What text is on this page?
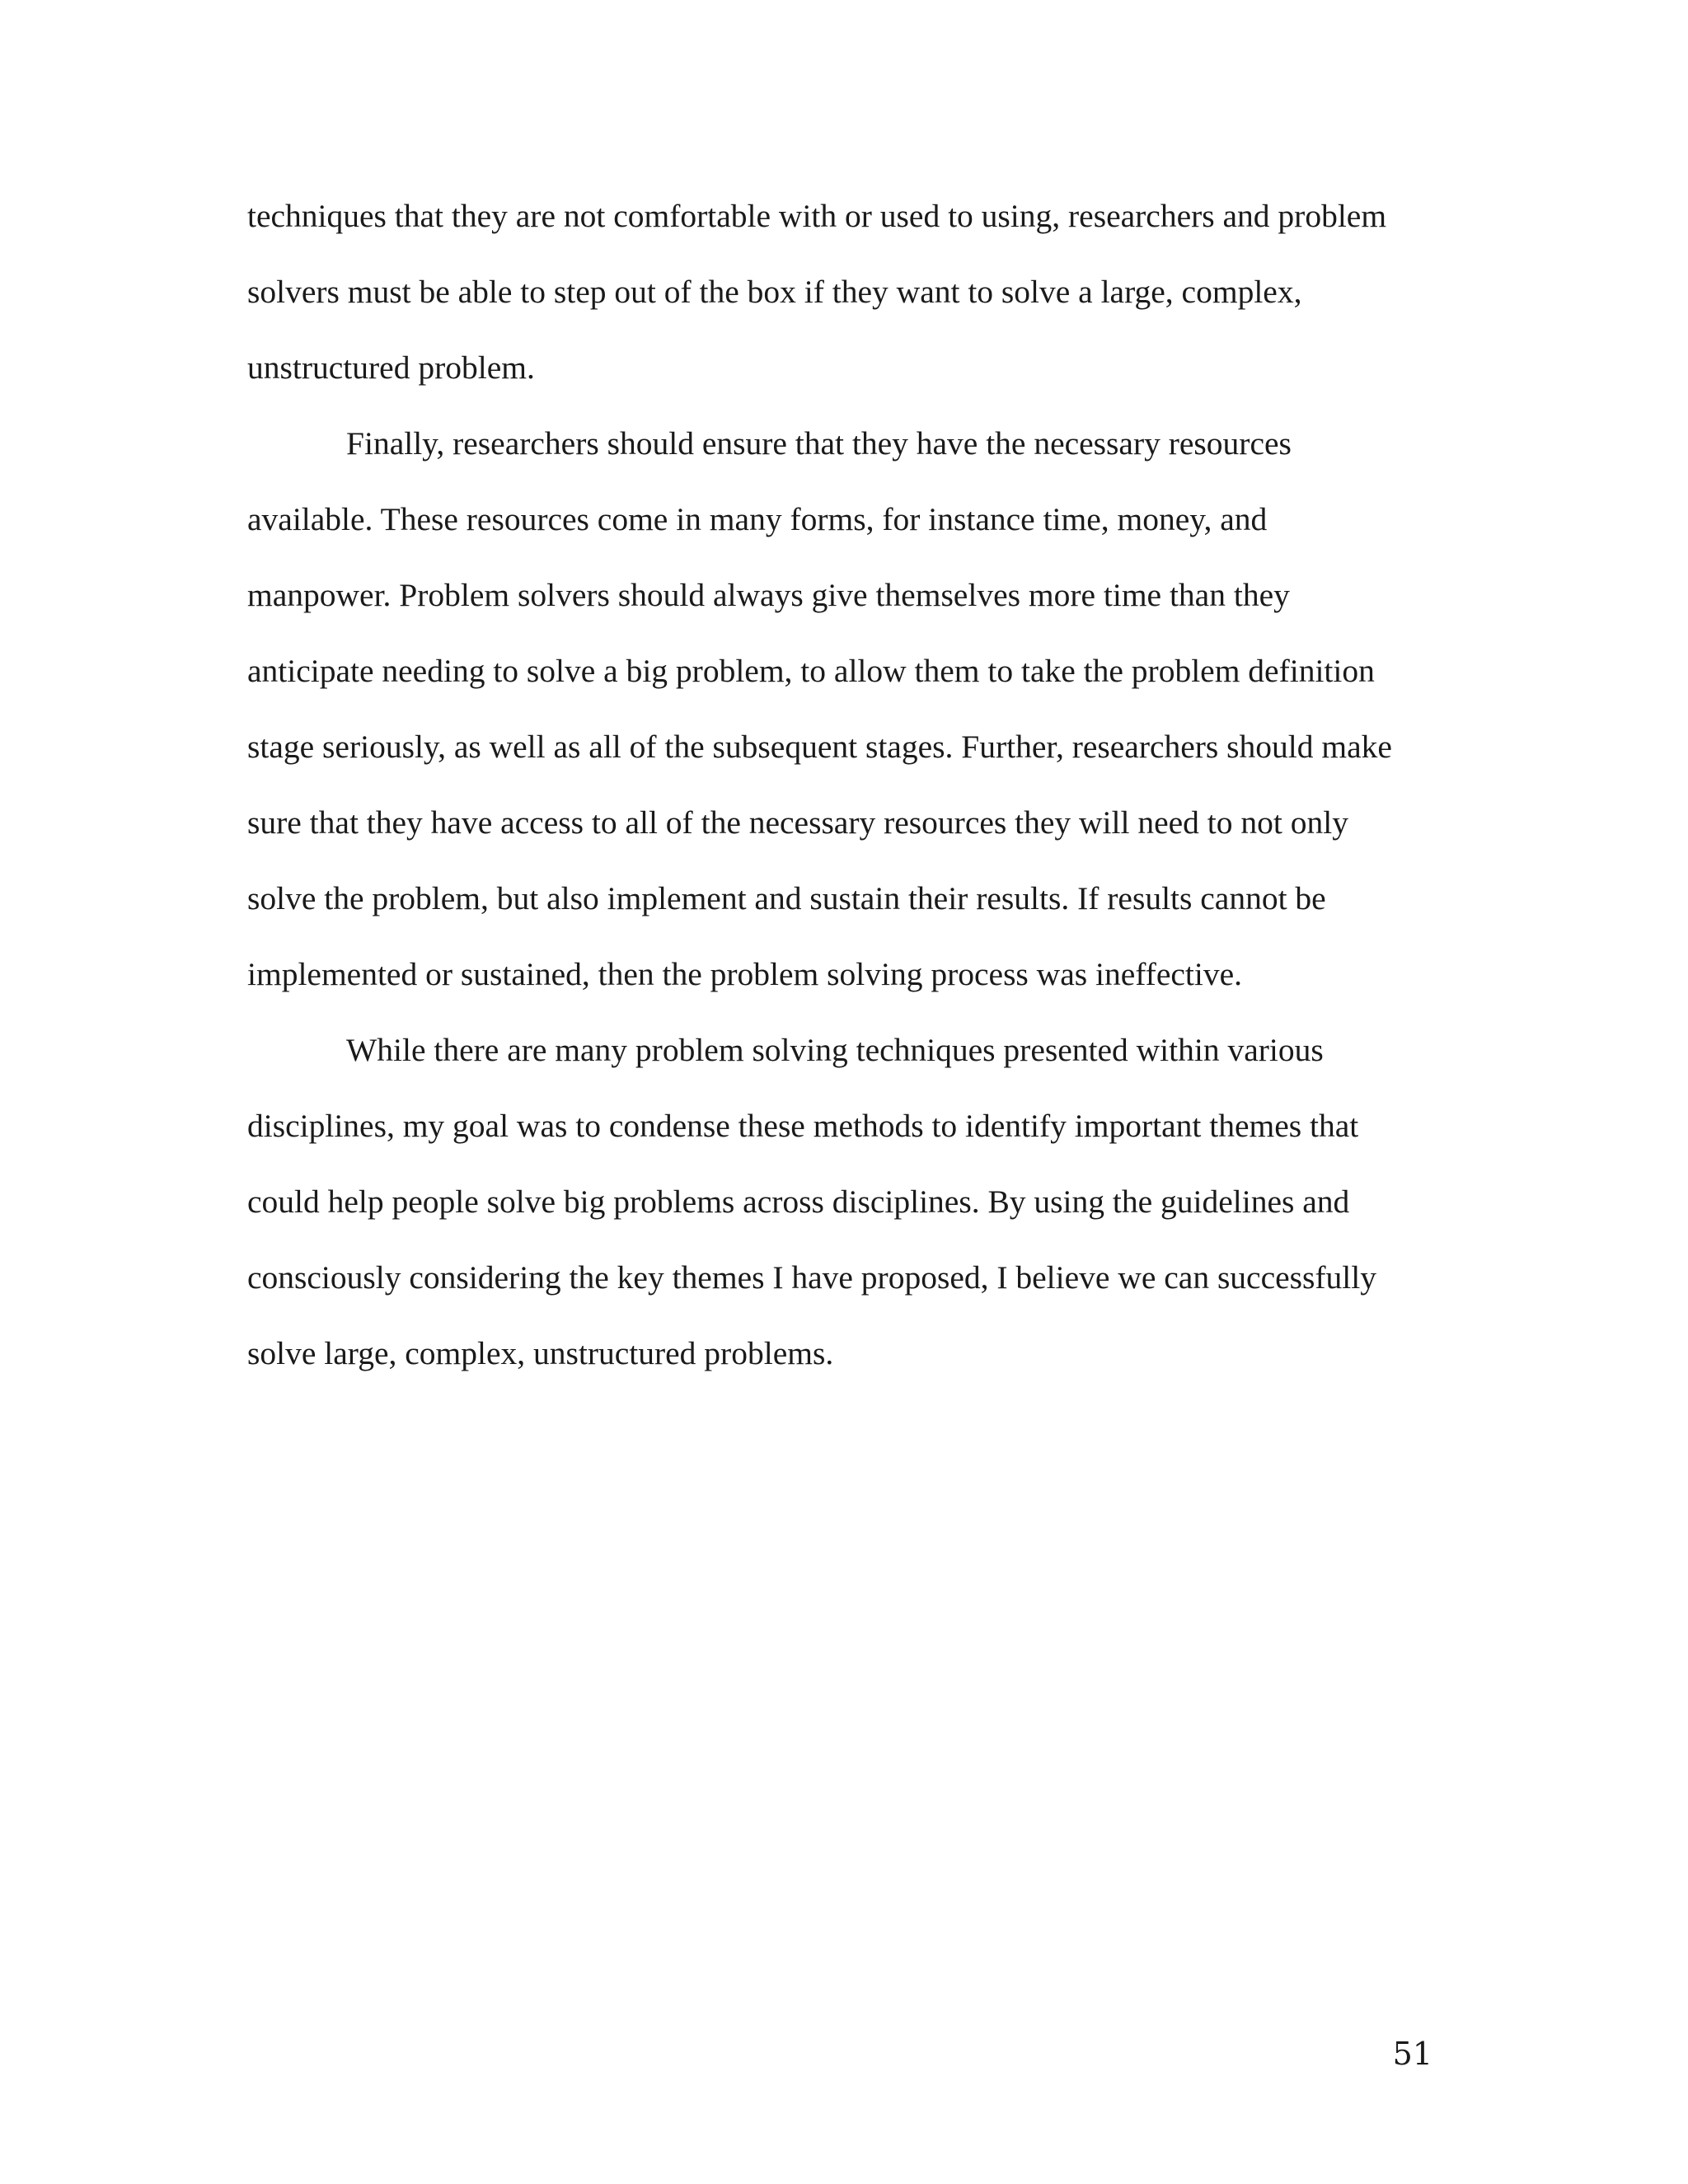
techniques that they are not comfortable with or used to using, researchers and problem
solvers must be able to step out of the box if they want to solve a large, complex,
unstructured problem.
Finally, researchers should ensure that they have the necessary resources
available. These resources come in many forms, for instance time, money, and
manpower. Problem solvers should always give themselves more time than they
anticipate needing to solve a big problem, to allow them to take the problem definition
stage seriously, as well as all of the subsequent stages. Further, researchers should make
sure that they have access to all of the necessary resources they will need to not only
solve the problem, but also implement and sustain their results. If results cannot be
implemented or sustained, then the problem solving process was ineffective.
While there are many problem solving techniques presented within various
disciplines, my goal was to condense these methods to identify important themes that
could help people solve big problems across disciplines. By using the guidelines and
consciously considering the key themes I have proposed, I believe we can successfully
solve large, complex, unstructured problems.
51
